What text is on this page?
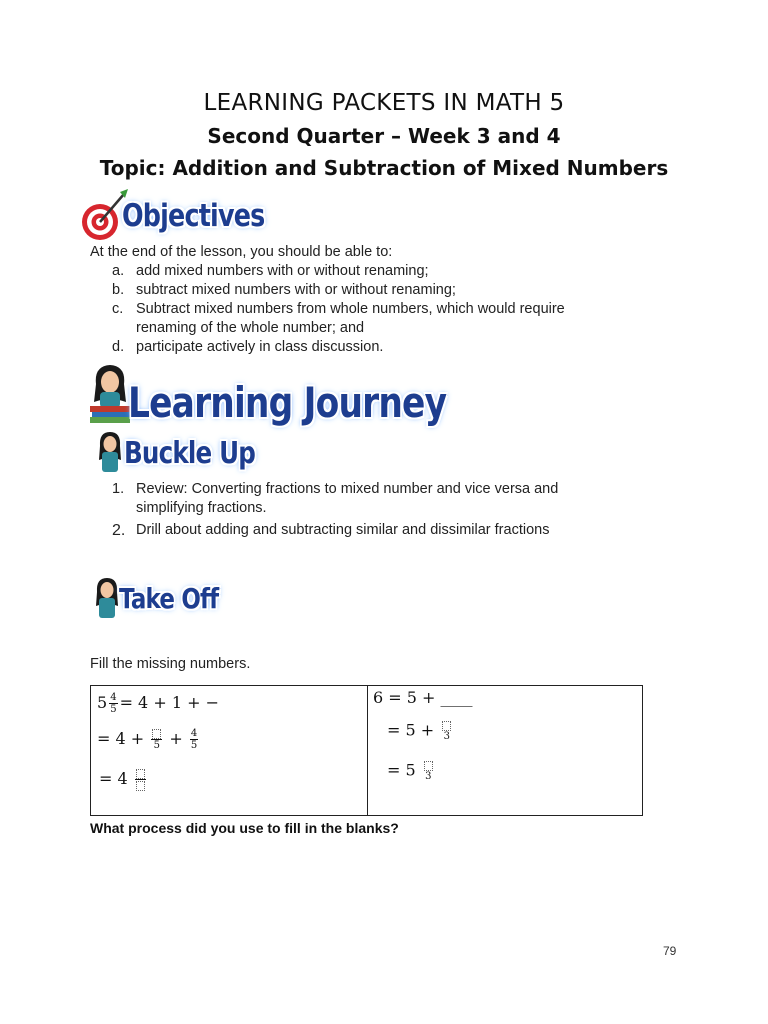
LEARNING PACKETS IN MATH 5
Second Quarter – Week 3 and 4
Topic: Addition and Subtraction of Mixed Numbers
Objectives
At the end of the lesson, you should be able to:
a. add mixed numbers with or without renaming;
b. subtract mixed numbers with or without renaming;
c. Subtract mixed numbers from whole numbers, which would require
renaming of the whole number; and
d. participate actively in class discussion.
Learning Journey
Buckle Up
1. Review: Converting fractions to mixed number and vice versa and
simplifying fractions.
2. Drill about adding and subtracting similar and dissimilar fractions
Take Off
Fill the missing numbers.
$5 \frac{4}{5} = 4 + 1$ + −
= $4 + 5 + \frac{4}{5}$
= 4
6 = 5 + ____
= 5 + 3
= 5 3
What process did you use to fill in the blanks?
79
